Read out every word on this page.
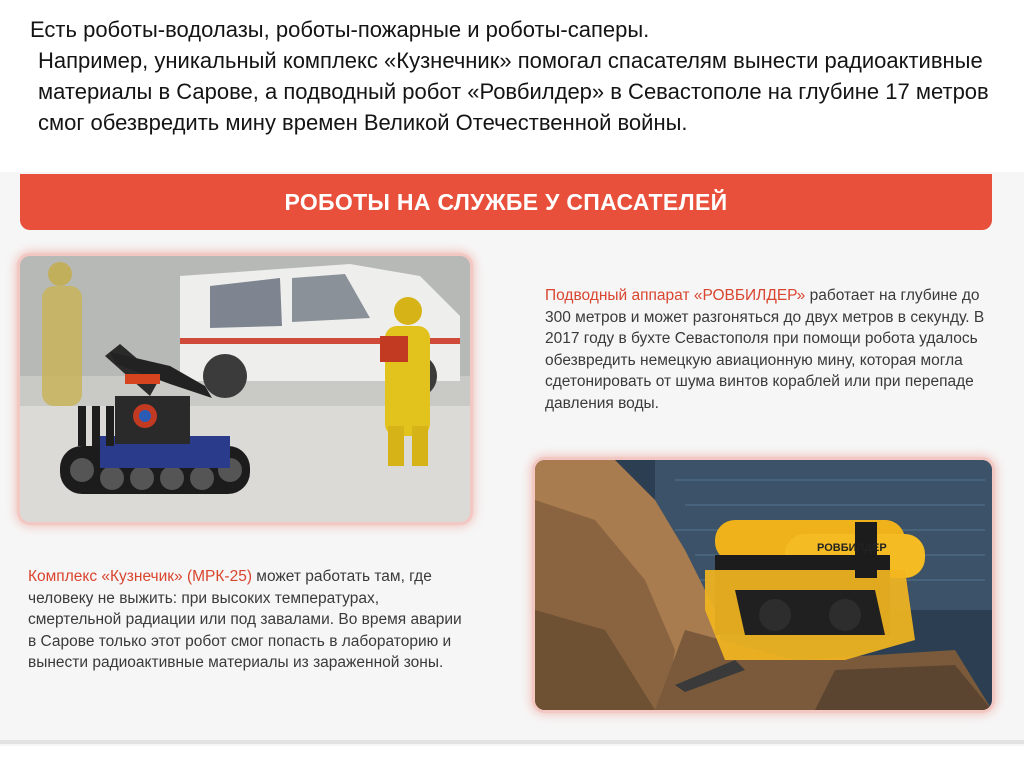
Есть роботы-водолазы, роботы-пожарные и роботы-саперы.

Например, уникальный комплекс «Кузнечник» помогал спасателям вынести радиоактивные материалы в Сарове, а подводный робот «Ровбилдер» в Севастополе на глубине 17 метров смог обезвредить мину времен Великой Отечественной войны.

РОБОТЫ НА СЛУЖБЕ У СПАСАТЕЛЕЙ
РОВБИЛДЕР
Подводный аппарат «РОВБИЛДЕР» работает на глубине до 300 метров и может разгоняться до двух метров в секунду. В 2017 году в бухте Севастополя при помощи робота удалось обезвредить немецкую авиационную мину, которая могла сдетонировать от шума винтов кораблей или при перепаде давления воды.
Комплекс «Кузнечик» (МРК-25) может работать там, где человеку не выжить: при высоких температурах, смертельной радиации или под завалами. Во время аварии в Сарове только этот робот смог попасть в лабораторию и вынести радиоактивные материалы из зараженной зоны.
